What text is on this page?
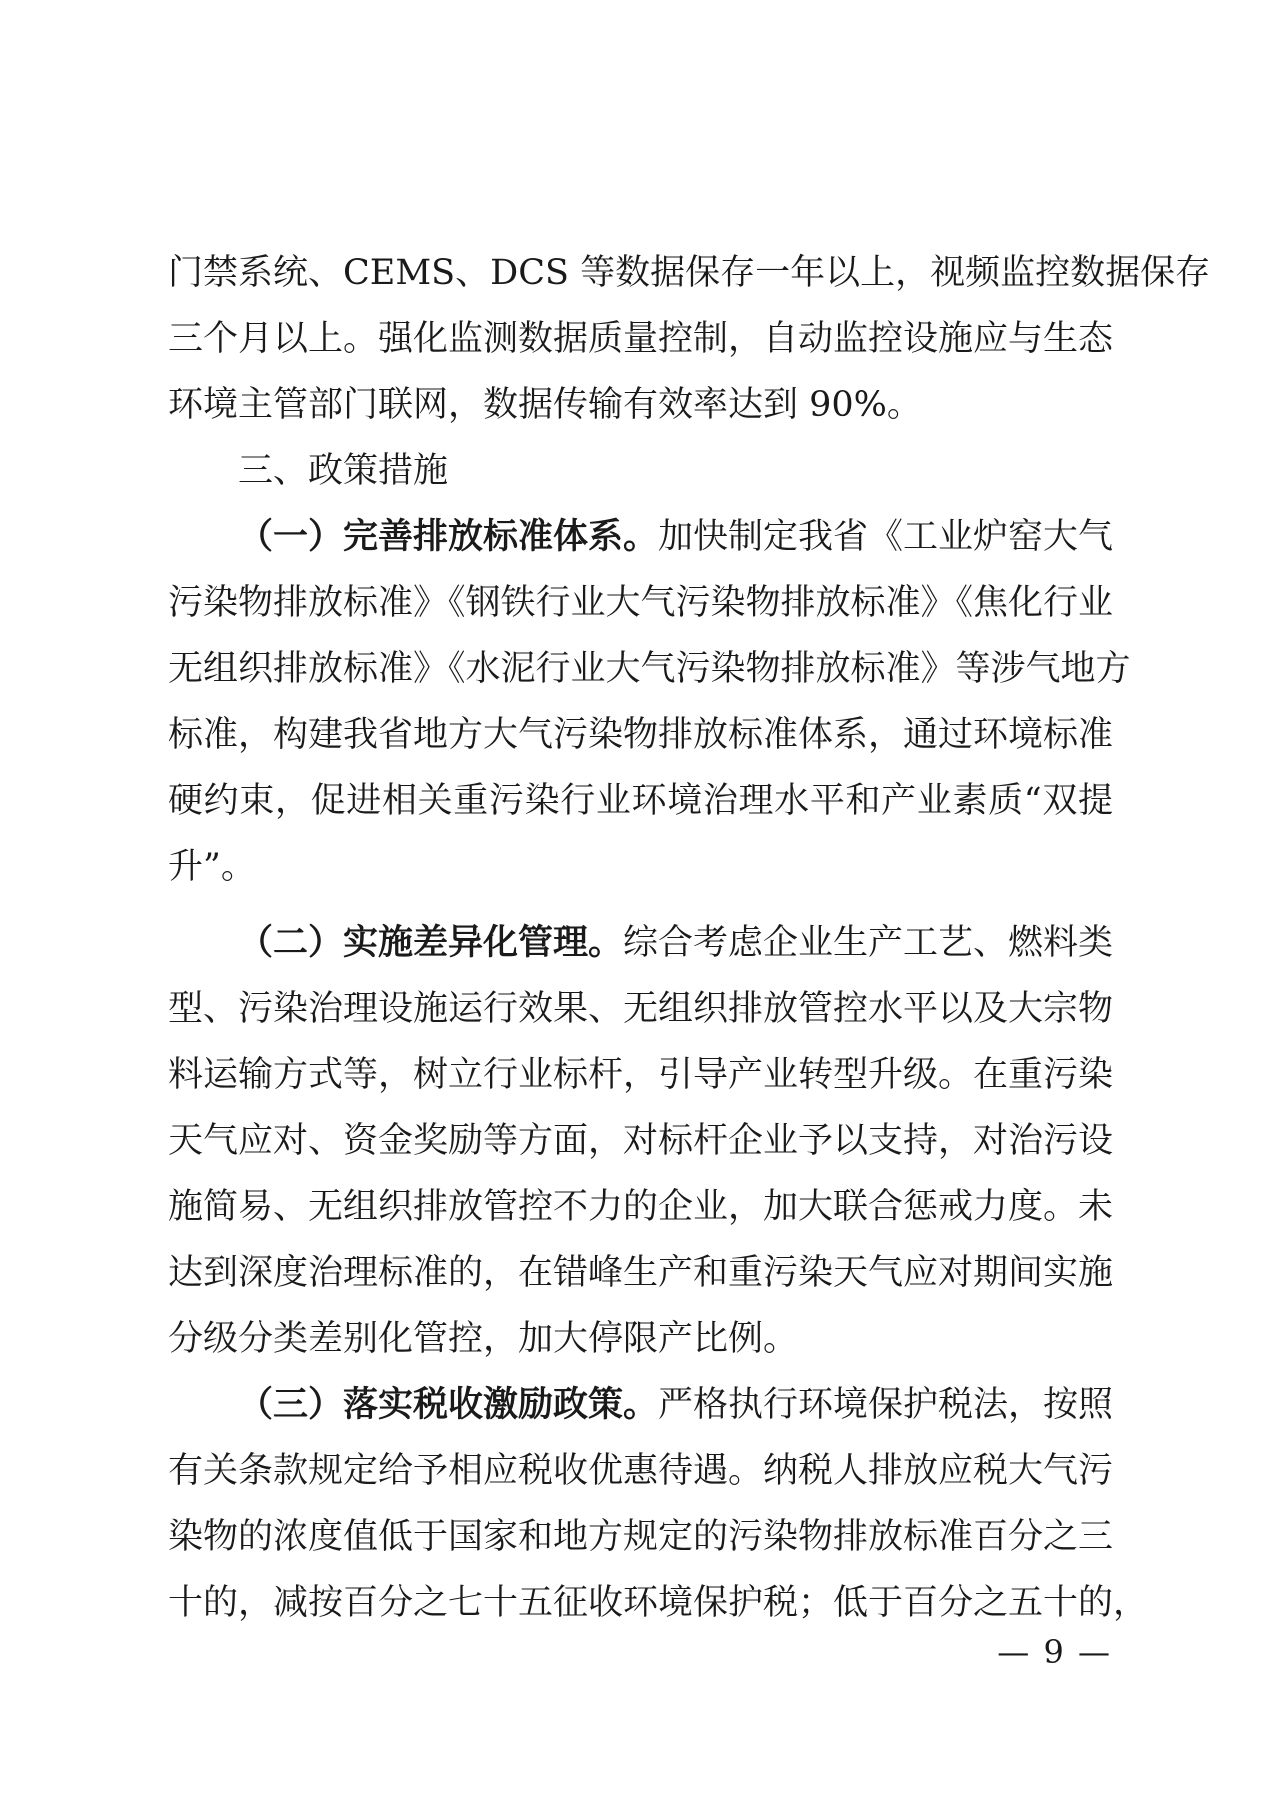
门禁系统、CEMS、DCS 等数据保存一年以上，视频监控数据保存
三个月以上。强化监测数据质量控制，自动监控设施应与生态
环境主管部门联网，数据传输有效率达到 90%。
三、政策措施
（一）完善排放标准体系。加快制定我省《工业炉窑大气
污染物排放标准》《钢铁行业大气污染物排放标准》《焦化行业
无组织排放标准》《水泥行业大气污染物排放标准》等涉气地方
标准，构建我省地方大气污染物排放标准体系，通过环境标准
硬约束，促进相关重污染行业环境治理水平和产业素质“双提
升”。
（二）实施差异化管理。综合考虑企业生产工艺、燃料类
型、污染治理设施运行效果、无组织排放管控水平以及大宗物
料运输方式等，树立行业标杆，引导产业转型升级。在重污染
天气应对、资金奖励等方面，对标杆企业予以支持，对治污设
施简易、无组织排放管控不力的企业，加大联合惩戒力度。未
达到深度治理标准的，在错峰生产和重污染天气应对期间实施
分级分类差别化管控，加大停限产比例。
（三）落实税收激励政策。严格执行环境保护税法，按照
有关条款规定给予相应税收优惠待遇。纳税人排放应税大气污
染物的浓度值低于国家和地方规定的污染物排放标准百分之三
十的，减按百分之七十五征收环境保护税；低于百分之五十的，
— 9 —
